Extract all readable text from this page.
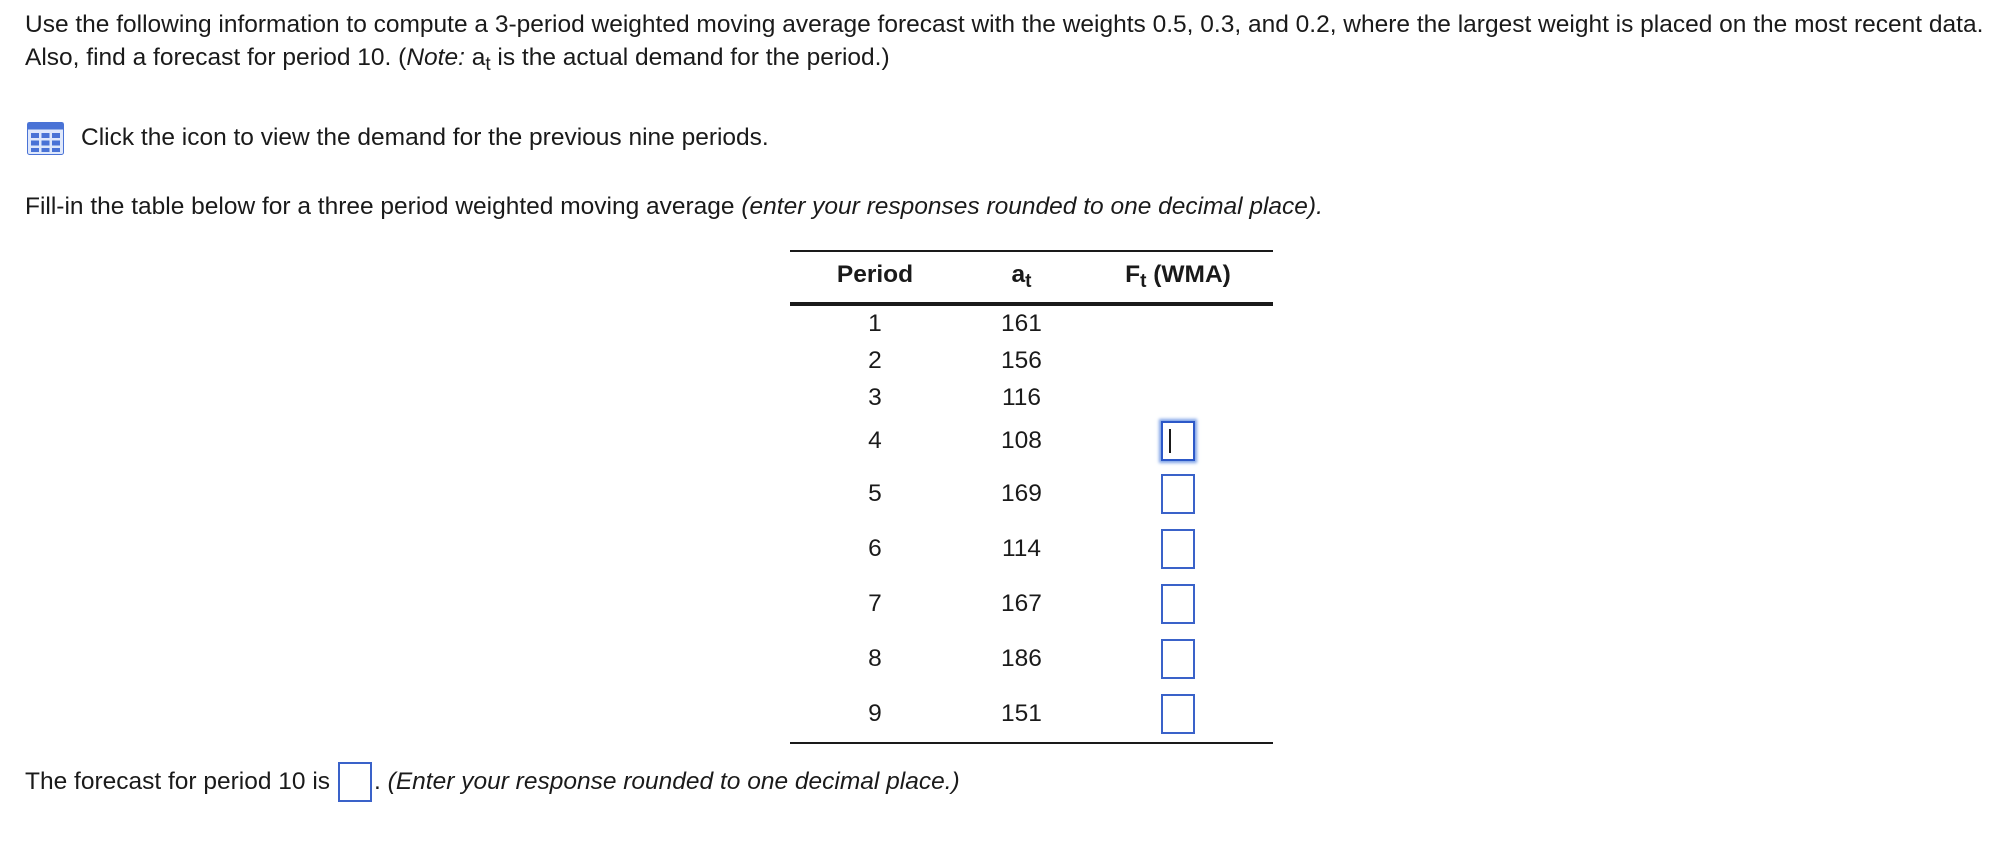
Use the following information to compute a 3-period weighted moving average forecast with the weights 0.5, 0.3, and 0.2, where the largest weight is placed on the most recent data. Also, find a forecast for period 10. (Note: $a_t$ is the actual demand for the period.)
Click the icon to view the demand for the previous nine periods.
Fill-in the table below for a three period weighted moving average (enter your responses rounded to one decimal place).
Period	$a_t$	$F_t$ (WMA)
1	161	
2	156	
3	116	
4	108	
5	169	
6	114	
7	167	
8	186	
9	151	
The forecast for period 10 is . (Enter your response rounded to one decimal place.)
